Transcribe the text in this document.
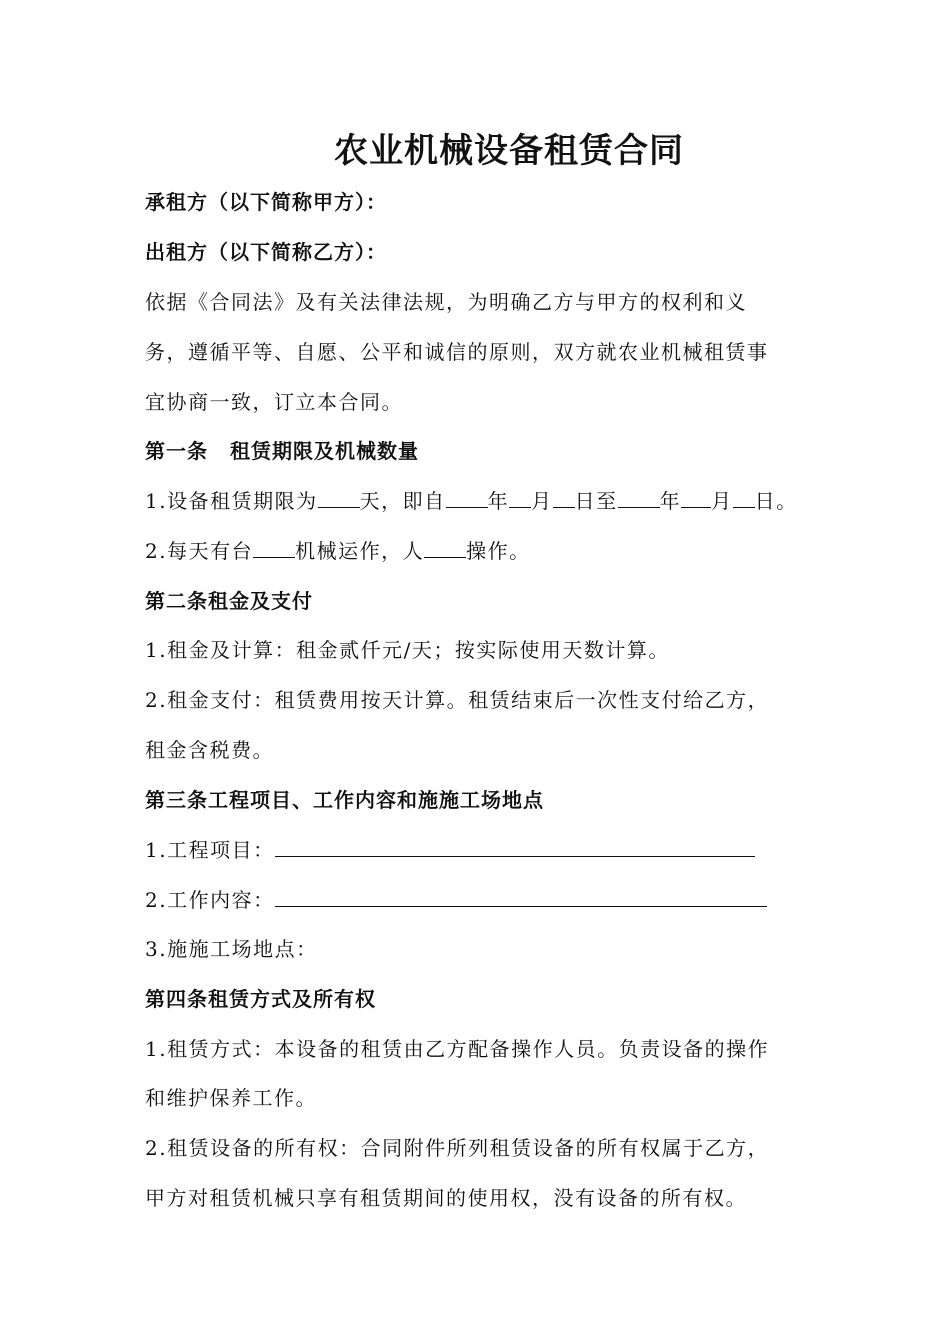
农业机械设备租赁合同
承租方（以下简称甲方）：
出租方（以下简称乙方）：
依据《合同法》及有关法律法规，为明确乙方与甲方的权利和义
务，遵循平等、自愿、公平和诚信的原则，双方就农业机械租赁事
宜协商一致，订立本合同。
第一条 租赁期限及机械数量
1.设备租赁期限为 天，即自 年 月 日至 年 月 日。
2.每天有台 机械运作，人 操作。
第二条租金及支付
1.租金及计算：租金贰仟元/天；按实际使用天数计算。
2.租金支付：租赁费用按天计算。租赁结束后一次性支付给乙方，
租金含税费。
第三条工程项目、工作内容和施施工场地点
1.工程项目：
2.工作内容：
3.施施工场地点：
第四条租赁方式及所有权
1.租赁方式：本设备的租赁由乙方配备操作人员。负责设备的操作
和维护保养工作。
2.租赁设备的所有权：合同附件所列租赁设备的所有权属于乙方，
甲方对租赁机械只享有租赁期间的使用权，没有设备的所有权。
